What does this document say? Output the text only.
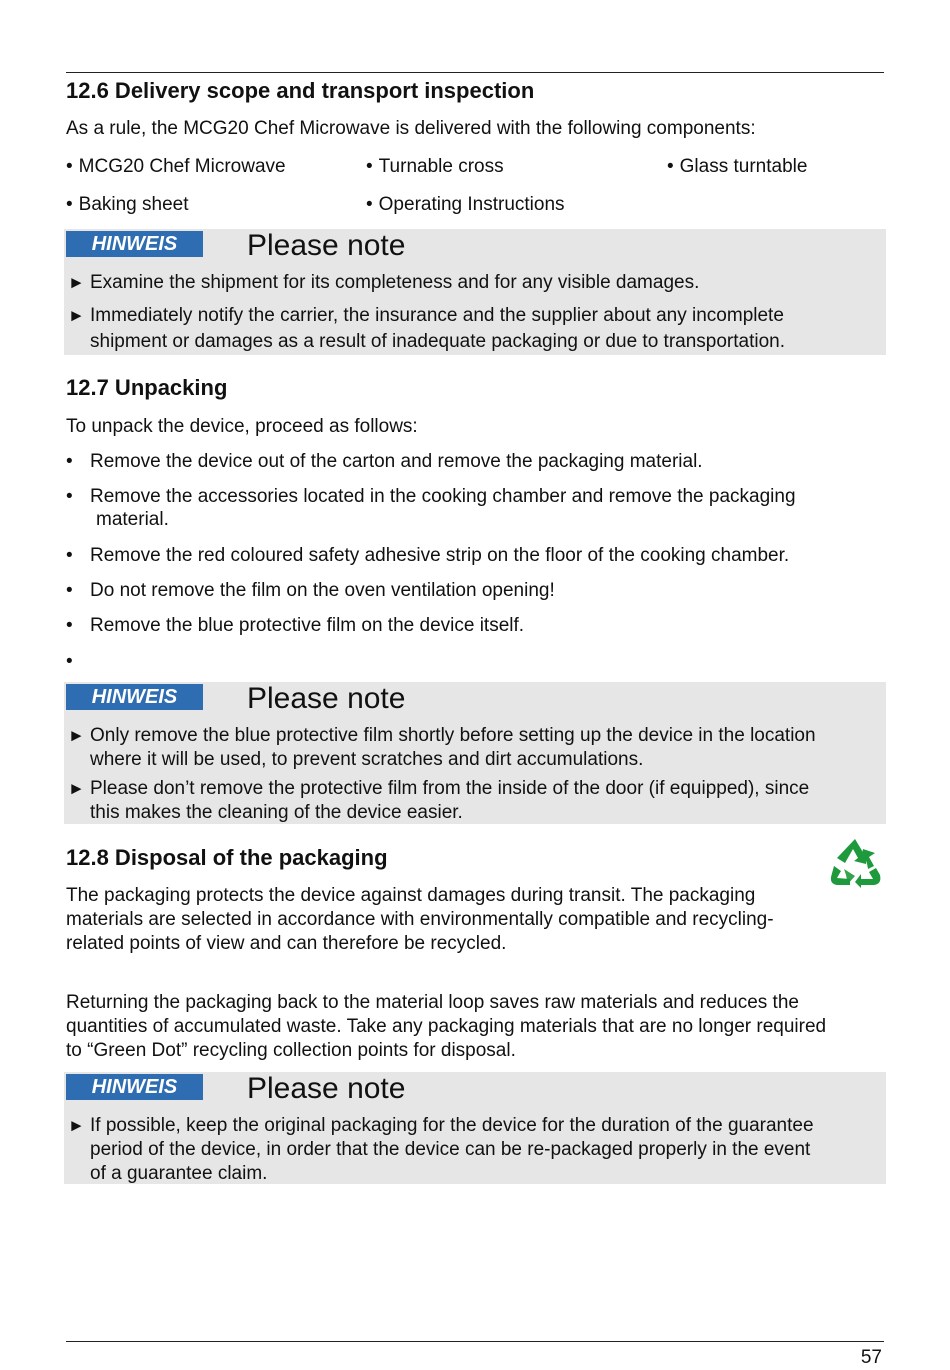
12.6 Delivery scope and transport inspection
As a rule, the MCG20 Chef Microwave is delivered with the following components:
• MCG20 Chef Microwave	• Turnable cross	• Glass turntable
• Baking sheet	• Operating Instructions
HINWEIS	Please note
► Examine the shipment for its completeness and for any visible damages.
► Immediately notify the carrier, the insurance and the supplier about any incomplete
shipment or damages as a result of inadequate packaging or due to transportation.
12.7 Unpacking
To unpack the device, proceed as follows:
• Remove the device out of the carton and remove the packaging material.
• Remove the accessories located in the cooking chamber and remove the packaging
material.
• Remove the red coloured safety adhesive strip on the floor of the cooking chamber.
• Do not remove the film on the oven ventilation opening!
• Remove the blue protective film on the device itself.
HINWEIS	Please note
► Only remove the blue protective film shortly before setting up the device in the location
where it will be used, to prevent scratches and dirt accumulations.
► Please don’t remove the protective film from the inside of the door (if equipped), since
this makes the cleaning of the device easier.
12.8 Disposal of the packaging
The packaging protects the device against damages during transit. The packaging
materials are selected in accordance with environmentally compatible and recycling-
related points of view and can therefore be recycled.
Returning the packaging back to the material loop saves raw materials and reduces the
quantities of accumulated waste. Take any packaging materials that are no longer required
to “Green Dot” recycling collection points for disposal.
HINWEIS	Please note
► If possible, keep the original packaging for the device for the duration of the guarantee
period of the device, in order that the device can be re-packaged properly in the event
of a guarantee claim.
57
